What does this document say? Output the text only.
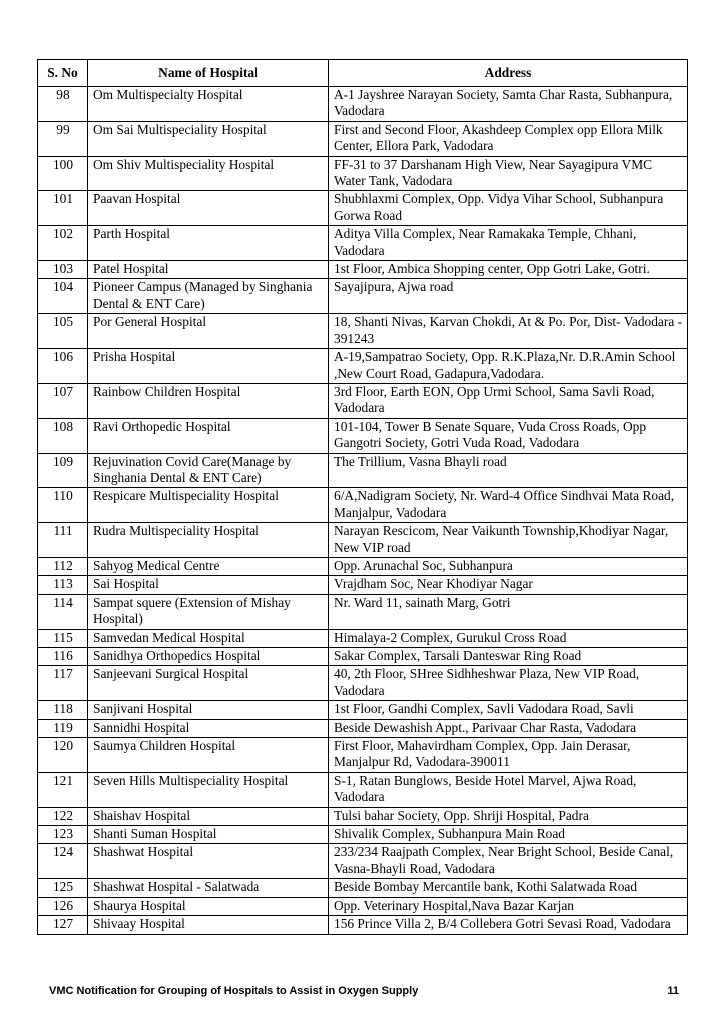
S. No	Name of Hospital	Address
98	Om Multispecialty Hospital	A-1 Jayshree Narayan Society, Samta Char Rasta, Subhanpura, Vadodara
99	Om Sai Multispeciality Hospital	First and Second Floor, Akashdeep Complex opp Ellora Milk Center, Ellora Park, Vadodara
100	Om Shiv Multispeciality Hospital	FF-31 to 37 Darshanam High View, Near Sayagipura VMC Water Tank, Vadodara
101	Paavan Hospital	Shubhlaxmi Complex, Opp. Vidya Vihar School, Subhanpura Gorwa Road
102	Parth Hospital	Aditya Villa Complex, Near Ramakaka Temple, Chhani, Vadodara
103	Patel Hospital	1st Floor, Ambica Shopping center, Opp Gotri Lake, Gotri.
104	Pioneer Campus (Managed by Singhania Dental & ENT Care)	Sayajipura, Ajwa road
105	Por General Hospital	18, Shanti Nivas, Karvan Chokdi, At & Po. Por, Dist- Vadodara - 391243
106	Prisha Hospital	A-19,Sampatrao Society, Opp. R.K.Plaza,Nr. D.R.Amin School ,New Court Road, Gadapura,Vadodara.
107	Rainbow Children Hospital	3rd Floor, Earth EON, Opp Urmi School, Sama Savli Road, Vadodara
108	Ravi Orthopedic Hospital	101-104, Tower B Senate Square, Vuda Cross Roads, Opp Gangotri Society, Gotri Vuda Road, Vadodara
109	Rejuvination Covid Care(Manage by Singhania Dental & ENT Care)	The Trillium, Vasna Bhayli road
110	Respicare Multispeciality Hospital	6/A,Nadigram Society, Nr. Ward-4 Office Sindhvai Mata Road, Manjalpur, Vadodara
111	Rudra Multispeciality Hospital	Narayan Rescicom, Near Vaikunth Township,Khodiyar Nagar, New VIP road
112	Sahyog Medical Centre	Opp. Arunachal Soc, Subhanpura
113	Sai Hospital	Vrajdham Soc, Near Khodiyar Nagar
114	Sampat squere (Extension of Mishay Hospital)	Nr. Ward 11, sainath Marg, Gotri
115	Samvedan Medical Hospital	Himalaya-2 Complex, Gurukul Cross Road
116	Sanidhya Orthopedics Hospital	Sakar Complex, Tarsali Danteswar Ring Road
117	Sanjeevani Surgical Hospital	40, 2th Floor, SHree Sidhheshwar Plaza, New VIP Road, Vadodara
118	Sanjivani Hospital	1st Floor, Gandhi Complex, Savli Vadodara Road, Savli
119	Sannidhi Hospital	Beside Dewashish Appt., Parivaar Char Rasta, Vadodara
120	Saumya Children Hospital	First Floor, Mahavirdham Complex, Opp. Jain Derasar, Manjalpur Rd, Vadodara-390011
121	Seven Hills Multispeciality Hospital	S-1, Ratan Bunglows, Beside Hotel Marvel, Ajwa Road, Vadodara
122	Shaishav Hospital	Tulsi bahar Society, Opp. Shriji Hospital, Padra
123	Shanti Suman Hospital	Shivalik Complex, Subhanpura Main Road
124	Shashwat Hospital	233/234 Raajpath Complex, Near Bright School, Beside Canal, Vasna-Bhayli Road, Vadodara
125	Shashwat Hospital - Salatwada	Beside Bombay Mercantile bank, Kothi Salatwada Road
126	Shaurya Hospital	Opp. Veterinary Hospital,Nava Bazar Karjan
127	Shivaay Hospital	156 Prince Villa 2, B/4 Collebera Gotri Sevasi Road, Vadodara
VMC Notification for Grouping of Hospitals to Assist in Oxygen Supply	11
